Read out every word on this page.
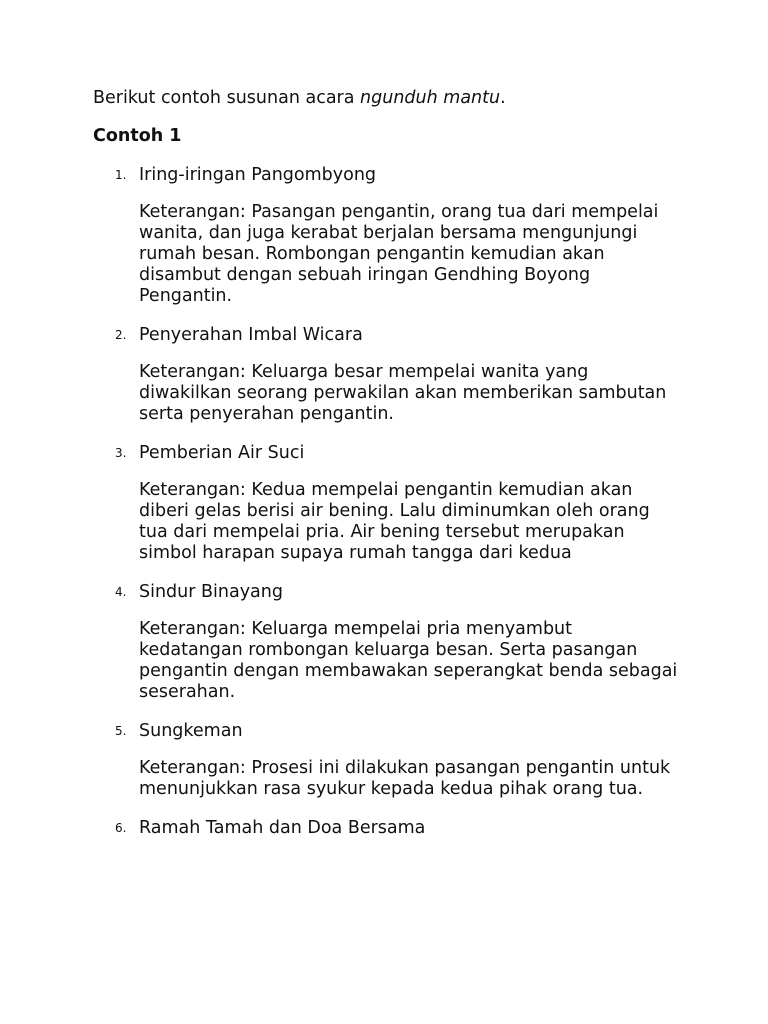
Berikut contoh susunan acara ngunduh mantu.

Contoh 1

1. Iring-iringan Pangombyong

Keterangan: Pasangan pengantin, orang tua dari mempelai wanita, dan juga kerabat berjalan bersama mengunjungi rumah besan. Rombongan pengantin kemudian akan disambut dengan sebuah iringan Gendhing Boyong Pengantin.

2. Penyerahan Imbal Wicara

Keterangan: Keluarga besar mempelai wanita yang diwakilkan seorang perwakilan akan memberikan sambutan serta penyerahan pengantin.

3. Pemberian Air Suci

Keterangan: Kedua mempelai pengantin kemudian akan diberi gelas berisi air bening. Lalu diminumkan oleh orang tua dari mempelai pria. Air bening tersebut merupakan simbol harapan supaya rumah tangga dari kedua

4. Sindur Binayang

Keterangan: Keluarga mempelai pria menyambut kedatangan rombongan keluarga besan. Serta pasangan pengantin dengan membawakan seperangkat benda sebagai seserahan.

5. Sungkeman

Keterangan: Prosesi ini dilakukan pasangan pengantin untuk menunjukkan rasa syukur kepada kedua pihak orang tua.

6. Ramah Tamah dan Doa Bersama
